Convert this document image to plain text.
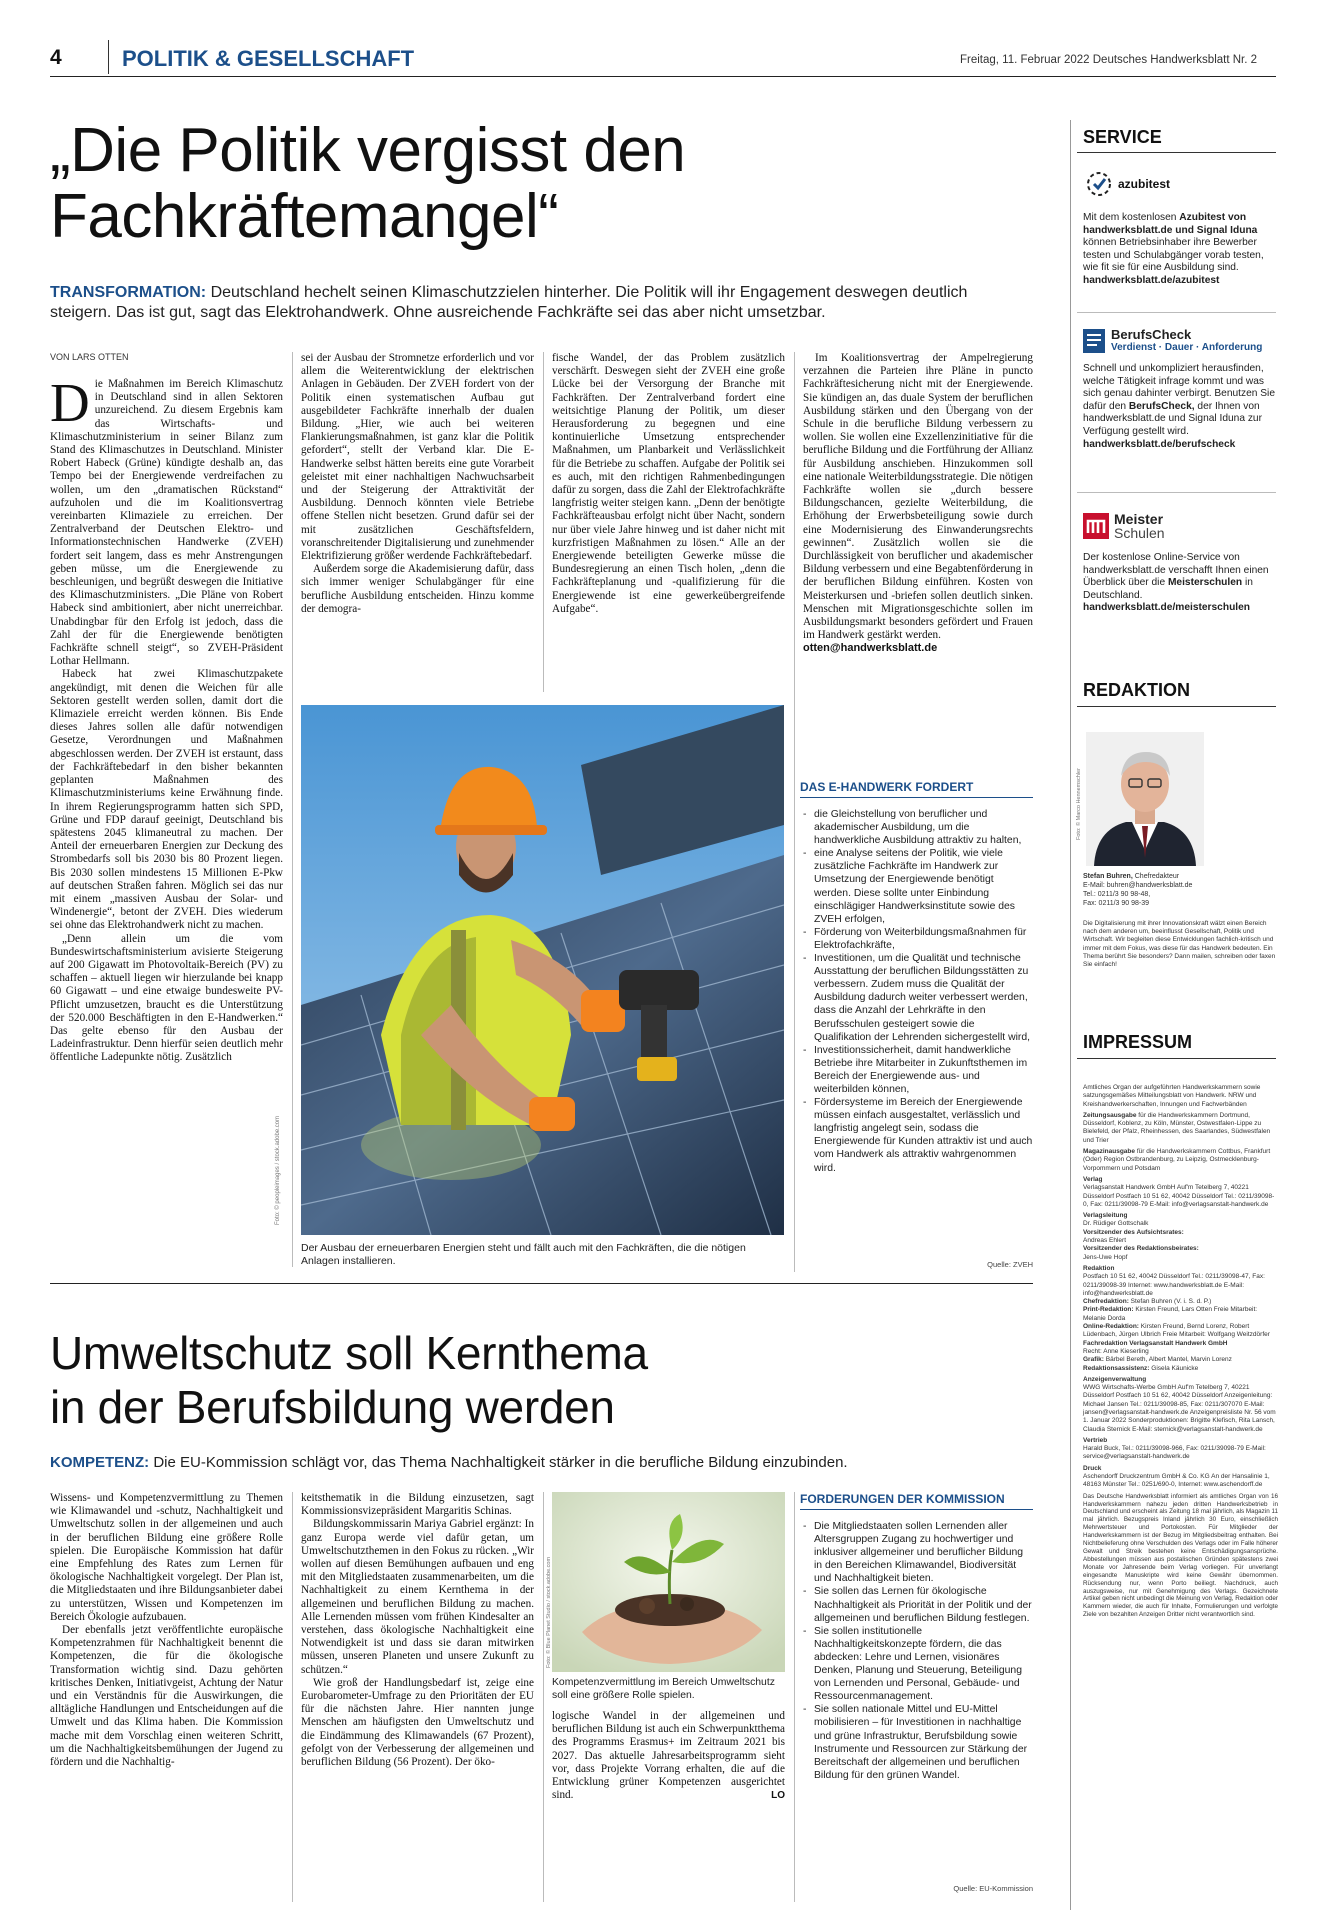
4	POLITIK & GESELLSCHAFT	Freitag, 11. Februar 2022 Deutsches Handwerksblatt Nr. 2
„Die Politik vergisst den
Fachkräftemangel“
TRANSFORMATION: Deutschland hechelt seinen Klimaschutzzielen hinterher. Die Politik will ihr Engagement deswegen deutlich steigern. Das ist gut, sagt das Elektrohandwerk. Ohne ausreichende Fachkräfte sei das aber nicht umsetzbar.
VON LARS OTTEN

Die Maßnahmen im Bereich Klimaschutz in Deutschland sind in allen Sektoren unzureichend. Zu diesem Ergebnis kam das Wirtschafts- und Klimaschutzministerium in seiner Bilanz zum Stand des Klimaschutzes in Deutschland. Minister Robert Habeck (Grüne) kündigte deshalb an, das Tempo bei der Energiewende verdreifachen zu wollen, um den „dramatischen Rückstand“ aufzuholen und die im Koalitionsvertrag vereinbarten Klimaziele zu erreichen. Der Zentralverband der Deutschen Elektro- und Informationstechnischen Handwerke (ZVEH) fordert seit langem, dass es mehr Anstrengungen geben müsse, um die Energiewende zu beschleunigen, und begrüßt deswegen die Initiative des Klimaschutzministers. „Die Pläne von Robert Habeck sind ambitioniert, aber nicht unerreichbar. Unabdingbar für den Erfolg ist jedoch, dass die Zahl der für die Energiewende benötigten Fachkräfte schnell steigt“, so ZVEH-Präsident Lothar Hellmann.

Habeck hat zwei Klimaschutzpakete angekündigt, mit denen die Weichen für alle Sektoren gestellt werden sollen, damit dort die Klimaziele erreicht werden können. Bis Ende dieses Jahres sollen alle dafür notwendigen Gesetze, Verordnungen und Maßnahmen abgeschlossen werden. Der ZVEH ist erstaunt, dass der Fachkräftebedarf in den bisher bekannten geplanten Maßnahmen des Klimaschutzministeriums keine Erwähnung finde. In ihrem Regierungsprogramm hatten sich SPD, Grüne und FDP darauf geeinigt, Deutschland bis spätestens 2045 klimaneutral zu machen. Der Anteil der erneuerbaren Energien zur Deckung des Strombedarfs soll bis 2030 bis 80 Prozent liegen. Bis 2030 sollen mindestens 15 Millionen E-Pkw auf deutschen Straßen fahren. Möglich sei das nur mit einem „massiven Ausbau der Solar- und Windenergie“, betont der ZVEH. Dies wiederum sei ohne das Elektrohandwerk nicht zu machen.

„Denn allein um die vom Bundeswirtschaftsministerium avisierte Steigerung auf 200 Gigawatt im Photovoltaik-Bereich (PV) zu schaffen – aktuell liegen wir hierzulande bei knapp 60 Gigawatt – und eine etwaige bundesweite PV-Pflicht umzusetzen, braucht es die Unterstützung der 520.000 Beschäftigten in den E-Handwerken.“ Das gelte ebenso für den Ausbau der Ladeinfrastruktur. Denn hierfür seien deutlich mehr öffentliche Ladepunkte nötig. Zusätzlich

sei der Ausbau der Stromnetze erforderlich und vor allem die Weiterentwicklung der elektrischen Anlagen in Gebäuden. Der ZVEH fordert von der Politik einen systematischen Aufbau gut ausgebildeter Fachkräfte innerhalb der dualen Bildung. „Hier, wie auch bei weiteren Flankierungsmaßnahmen, ist ganz klar die Politik gefordert“, stellt der Verband klar. Die E-Handwerke selbst hätten bereits eine gute Vorarbeit geleistet mit einer nachhaltigen Nachwuchsarbeit und der Steigerung der Attraktivität der Ausbildung. Dennoch könnten viele Betriebe offene Stellen nicht besetzen. Grund dafür sei der mit zusätzlichen Geschäftsfeldern, voranschreitender Digitalisierung und zunehmender Elektrifizierung größer werdende Fachkräftebedarf.

Außerdem sorge die Akademisierung dafür, dass sich immer weniger Schulabgänger für eine berufliche Ausbildung entscheiden. Hinzu komme der demogra-

fische Wandel, der das Problem zusätzlich verschärft. Deswegen sieht der ZVEH eine große Lücke bei der Versorgung der Branche mit Fachkräften. Der Zentralverband fordert eine weitsichtige Planung der Politik, um dieser Herausforderung zu begegnen und eine kontinuierliche Umsetzung entsprechender Maßnahmen, um Planbarkeit und Verlässlichkeit für die Betriebe zu schaffen. Aufgabe der Politik sei es auch, mit den richtigen Rahmenbedingungen dafür zu sorgen, dass die Zahl der Elektrofachkräfte langfristig weiter steigen kann. „Denn der benötigte Fachkräfteausbau erfolgt nicht über Nacht, sondern nur über viele Jahre hinweg und ist daher nicht mit kurzfristigen Maßnahmen zu lösen.“ Alle an der Energiewende beteiligten Gewerke müsse die Bundesregierung an einen Tisch holen, „denn die Fachkräfteplanung und -qualifizierung für die Energiewende ist eine gewerkeübergreifende Aufgabe“.

Im Koalitionsvertrag der Ampelregierung verzahnen die Parteien ihre Pläne in puncto Fachkräftesicherung nicht mit der Energiewende. Sie kündigen an, das duale System der beruflichen Ausbildung stärken und den Übergang von der Schule in die berufliche Bildung verbessern zu wollen. Sie wollen eine Exzellenzinitiative für die berufliche Bildung und die Fortführung der Allianz für Ausbildung anschieben. Hinzukommen soll eine nationale Weiterbildungsstrategie. Die nötigen Fachkräfte wollen sie „durch bessere Bildungschancen, gezielte Weiterbildung, die Erhöhung der Erwerbsbeteiligung sowie durch eine Modernisierung des Einwanderungsrechts gewinnen“. Zusätzlich wollen sie die Durchlässigkeit von beruflicher und akademischer Bildung verbessern und eine Begabtenförderung in der beruflichen Bildung einführen. Kosten von Meisterkursen und -briefen sollen deutlich sinken. Menschen mit Migrationsgeschichte sollen im Ausbildungsmarkt besonders gefördert und Frauen im Handwerk gestärkt werden.

otten@handwerksblatt.de

Foto: © peopleimages / stock.adobe.com
Der Ausbau der erneuerbaren Energien steht und fällt auch mit den Fachkräften, die die nötigen Anlagen installieren.
DAS E-HANDWERK FORDERT
- die Gleichstellung von beruflicher und akademischer Ausbildung, um die handwerkliche Ausbildung attraktiv zu halten,
- eine Analyse seitens der Politik, wie viele zusätzliche Fachkräfte im Handwerk zur Umsetzung der Energiewende benötigt werden. Diese sollte unter Einbindung einschlägiger Handwerksinstitute sowie des ZVEH erfolgen,
- Förderung von Weiterbildungsmaßnahmen für Elektrofachkräfte,
- Investitionen, um die Qualität und technische Ausstattung der beruflichen Bildungsstätten zu verbessern. Zudem muss die Qualität der Ausbildung dadurch weiter verbessert werden, dass die Anzahl der Lehrkräfte in den Berufsschulen gesteigert sowie die Qualifikation der Lehrenden sichergestellt wird,
- Investitionssicherheit, damit handwerkliche Betriebe ihre Mitarbeiter in Zukunftsthemen im Bereich der Energiewende aus- und weiterbilden können,
- Fördersysteme im Bereich der Energiewende müssen einfach ausgestaltet, verlässlich und langfristig angelegt sein, sodass die Energiewende für Kunden attraktiv ist und auch vom Handwerk als attraktiv wahrgenommen wird.
Quelle: ZVEH
Umweltschutz soll Kernthema
in der Berufsbildung werden
KOMPETENZ: Die EU-Kommission schlägt vor, das Thema Nachhaltigkeit stärker in die berufliche Bildung einzubinden.

Wissens- und Kompetenzvermittlung zu Themen wie Klimawandel und -schutz, Nachhaltigkeit und Umweltschutz sollen in der allgemeinen und auch in der beruflichen Bildung eine größere Rolle spielen. Die Europäische Kommission hat dafür eine Empfehlung des Rates zum Lernen für ökologische Nachhaltigkeit vorgelegt. Der Plan ist, die Mitgliedstaaten und ihre Bildungsanbieter dabei zu unterstützen, Wissen und Kompetenzen im Bereich Ökologie aufzubauen.

Der ebenfalls jetzt veröffentlichte europäische Kompetenzrahmen für Nachhaltigkeit benennt die Kompetenzen, die für die ökologische Transformation wichtig sind. Dazu gehörten kritisches Denken, Initiativgeist, Achtung der Natur und ein Verständnis für die Auswirkungen, die alltägliche Handlungen und Entscheidungen auf die Umwelt und das Klima haben. Die Kommission mache mit dem Vorschlag einen weiteren Schritt, um die Nachhaltigkeitsbemühungen der Jugend zu fördern und die Nachhaltig-

keitsthematik in die Bildung einzusetzen, sagt Kommissionsvizepräsident Margaritis Schinas.

Bildungskommissarin Mariya Gabriel ergänzt: In ganz Europa werde viel dafür getan, um Umweltschutzthemen in den Fokus zu rücken. „Wir wollen auf diesen Bemühungen aufbauen und eng mit den Mitgliedstaaten zusammenarbeiten, um die Nachhaltigkeit zu einem Kernthema in der allgemeinen und beruflichen Bildung zu machen. Alle Lernenden müssen vom frühen Kindesalter an verstehen, dass ökologische Nachhaltigkeit eine Notwendigkeit ist und dass sie daran mitwirken müssen, unseren Planeten und unsere Zukunft zu schützen.“

Wie groß der Handlungsbedarf ist, zeige eine Eurobarometer-Umfrage zu den Prioritäten der EU für die nächsten Jahre. Hier nannten junge Menschen am häufigsten den Umweltschutz und die Eindämmung des Klimawandels (67 Prozent), gefolgt von der Verbesserung der allgemeinen und beruflichen Bildung (56 Prozent). Der öko-

Foto: © Blue Planet Studio / stock.adobe.com
Kompetenzvermittlung im Bereich Umweltschutz soll eine größere Rolle spielen.

logische Wandel in der allgemeinen und beruflichen Bildung ist auch ein Schwerpunktthema des Programms Erasmus+ im Zeitraum 2021 bis 2027. Das aktuelle Jahresarbeitsprogramm sieht vor, dass Projekte Vorrang erhalten, die auf die Entwicklung grüner Kompetenzen ausgerichtet sind.	LO

FORDERUNGEN DER KOMMISSION
- Die Mitgliedstaaten sollen Lernenden aller Altersgruppen Zugang zu hochwertiger und inklusiver allgemeiner und beruflicher Bildung in den Bereichen Klimawandel, Biodiversität und Nachhaltigkeit bieten.
- Sie sollen das Lernen für ökologische Nachhaltigkeit als Priorität in der Politik und der allgemeinen und beruflichen Bildung festlegen.
- Sie sollen institutionelle Nachhaltigkeitskonzepte fördern, die das abdecken: Lehre und Lernen, visionäres Denken, Planung und Steuerung, Beteiligung von Lernenden und Personal, Gebäude- und Ressourcenmanagement.
- Sie sollen nationale Mittel und EU-Mittel mobilisieren – für Investitionen in nachhaltige und grüne Infrastruktur, Berufsbildung sowie Instrumente und Ressourcen zur Stärkung der Bereitschaft der allgemeinen und beruflichen Bildung für den grünen Wandel.
Quelle: EU-Kommission
SERVICE
azubitest
Mit dem kostenlosen Azubitest von handwerksblatt.de und Signal Iduna können Betriebsinhaber ihre Bewerber testen und Schulabgänger vorab testen, wie fit sie für eine Ausbildung sind.
handwerksblatt.de/azubitest
BerufsCheck
Verdienst · Dauer · Anforderung
Schnell und unkompliziert herausfinden, welche Tätigkeit infrage kommt und was sich genau dahinter verbirgt. Benutzen Sie dafür den BerufsCheck, der Ihnen von handwerksblatt.de und Signal Iduna zur Verfügung gestellt wird.
handwerksblatt.de/berufscheck
Meister
Schulen
Der kostenlose Online-Service von handwerksblatt.de verschafft Ihnen einen Überblick über die Meisterschulen in Deutschland.
handwerksblatt.de/meisterschulen
REDAKTION
Foto: © Marco Hennemschler
Stefan Buhren, Chefredakteur
E-Mail: buhren@handwerksblatt.de
Tel.: 0211/3 90 98-48,
Fax: 0211/3 90 98-39
Die Digitalisierung mit ihrer Innovationskraft wälzt einen Bereich nach dem anderen um, beeinflusst Gesellschaft, Politik und Wirtschaft. Wir begleiten diese Entwicklungen fachlich-kritisch und immer mit dem Fokus, was diese für das Handwerk bedeuten. Ein Thema berührt Sie besonders? Dann mailen, schreiben oder faxen Sie einfach!
IMPRESSUM

Amtliches Organ der aufgeführten Handwerkskammern sowie satzungsgemäßes Mitteilungsblatt von Handwerk. NRW und Kreishandwerkerschaften, Innungen und Fachverbänden

Zeitungsausgabe für die Handwerkskammern Dortmund, Düsseldorf, Koblenz, zu Köln, Münster, Ostwestfalen-Lippe zu Bielefeld, der Pfalz, Rheinhessen, des Saarlandes, Südwestfalen und Trier

Magazinausgabe für die Handwerkskammern Cottbus, Frankfurt (Oder) Region Ostbrandenburg, zu Leipzig, Ostmecklenburg-Vorpommern und Potsdam

Verlag
Verlagsanstalt Handwerk GmbH Auf'm Tetelberg 7, 40221 Düsseldorf Postfach 10 51 62, 40042 Düsseldorf Tel.: 0211/39098-0, Fax: 0211/39098-79 E-Mail: info@verlagsanstalt-handwerk.de

Verlagsleitung
Dr. Rüdiger Gottschalk
Vorsitzender des Aufsichtsrates:
Andreas Ehlert
Vorsitzender des Redaktionsbeirates:
Jens-Uwe Hopf

Redaktion
Postfach 10 51 62, 40042 Düsseldorf Tel.: 0211/39098-47, Fax: 0211/39098-39 Internet: www.handwerksblatt.de E-Mail: info@handwerksblatt.de
Chefredaktion: Stefan Buhren (V. i. S. d. P.)
Print-Redaktion: Kirsten Freund, Lars Otten Freie Mitarbeit: Melanie Dorda
Online-Redaktion: Kirsten Freund, Bernd Lorenz, Robert Lüdenbach, Jürgen Ulbrich Freie Mitarbeit: Wolfgang Weitzdörfer
Fachredaktion Verlagsanstalt Handwerk GmbH
Recht: Anne Kieserling
Grafik: Bärbel Bereth, Albert Mantel, Marvin Lorenz
Redaktionsassistenz: Gisela Käunicke

Anzeigenverwaltung
WWG Wirtschafts-Werbe GmbH Auf'm Tetelberg 7, 40221 Düsseldorf Postfach 10 51 62, 40042 Düsseldorf Anzeigenleitung: Michael Jansen Tel.: 0211/39098-85, Fax: 0211/307070 E-Mail: jansen@verlagsanstalt-handwerk.de Anzeigenpreisliste Nr. 56 vom 1. Januar 2022 Sonderproduktionen: Brigitte Klefisch, Rita Lansch, Claudia Sternick E-Mail: sternick@verlagsanstalt-handwerk.de

Vertrieb
Harald Buck, Tel.: 0211/39098-966, Fax: 0211/39098-79 E-Mail: service@verlagsanstalt-handwerk.de

Druck
Aschendorff Druckzentrum GmbH & Co. KG An der Hansalinie 1, 48163 Münster Tel.: 0251/690-0, Internet: www.aschendorff.de

Das Deutsche Handwerksblatt informiert als amtliches Organ von 16 Handwerkskammern nahezu jeden dritten Handwerksbetrieb in Deutschland und erscheint als Zeitung 18 mal jährlich, als Magazin 11 mal jährlich. Bezugspreis Inland jährlich 30 Euro, einschließlich Mehrwertsteuer und Portokosten. Für Mitglieder der Handwerkskammern ist der Bezug im Mitgliedsbeitrag enthalten. Bei Nichtbelieferung ohne Verschulden des Verlags oder im Falle höherer Gewalt und Streik bestehen keine Entschädigungsansprüche. Abbestellungen müssen aus postalischen Gründen spätestens zwei Monate vor Jahresende beim Verlag vorliegen. Für unverlangt eingesandte Manuskripte wird keine Gewähr übernommen. Rücksendung nur, wenn Porto beiliegt. Nachdruck, auch auszugsweise, nur mit Genehmigung des Verlags. Gezeichnete Artikel geben nicht unbedingt die Meinung von Verlag, Redaktion oder Kammern wieder, die auch für Inhalte, Formulierungen und verfolgte Ziele von bezahlten Anzeigen Dritter nicht verantwortlich sind.
